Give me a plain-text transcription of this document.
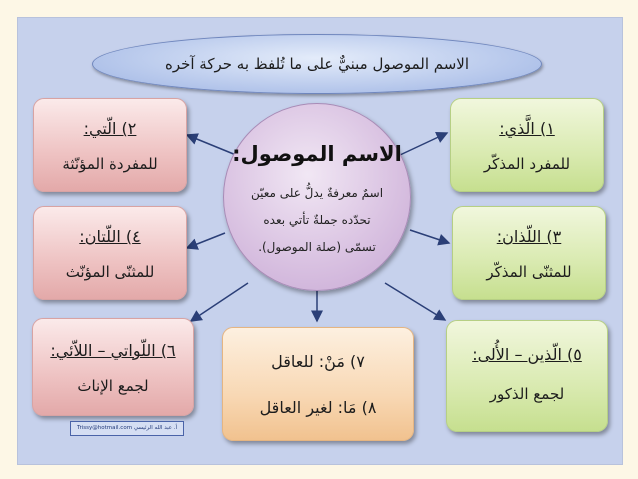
الاسم الموصول مبنيٌّ على ما تُلفظ به حركة آخره
الاسم الموصول:
اسمٌ معرفةٌ يدلُّ على معيّن
تحدّده جملةٌ تأتي بعده
تسمّى (صلة الموصول).
١) الَّذي:
للمفرد المذكّر
٢) الّتي:
للمفردة المؤنّثة
٣) اللّذان:
للمثنّى المذكّر
٤) اللّتان:
للمثنّى المؤنّث
٥) الّذين – الأُلى:
لجمع الذكور
٦) اللّواتي – اللاّئي:
لجمع الإناث
٧) مَنْ: للعاقل
٨) مَا: لغير العاقل
Trissy@hotmail.com أ. عبد الله الرئيسي
